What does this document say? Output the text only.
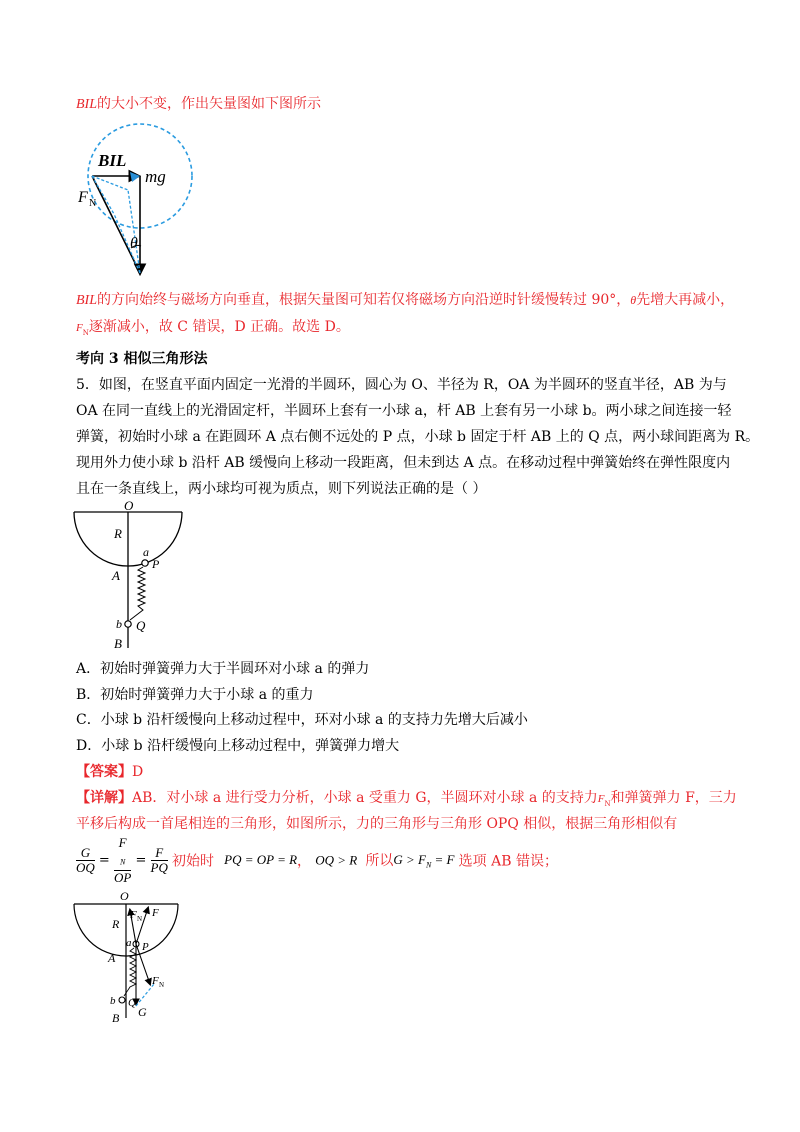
BIL的大小不变，作出矢量图如下图所示
BIL
mg
F N
θ
BIL的方向始终与磁场方向垂直，根据矢量图可知若仅将磁场方向沿逆时针缓慢转过 90°，θ先增大再减小，
$F_N$逐渐减小，故 C 错误，D 正确。故选 D。
考向 3 相似三角形法
5．如图，在竖直平面内固定一光滑的半圆环，圆心为 O、半径为 R，OA 为半圆环的竖直半径，AB 为与
OA 在同一直线上的光滑固定杆，半圆环上套有一小球 a，杆 AB 上套有另一小球 b。两小球之间连接一轻
弹簧，初始时小球 a 在距圆环 A 点右侧不远处的 P 点，小球 b 固定于杆 AB 上的 Q 点，两小球间距离为 R。
现用外力使小球 b 沿杆 AB 缓慢向上移动一段距离，但未到达 A 点。在移动过程中弹簧始终在弹性限度内
且在一条直线上，两小球均可视为质点，则下列说法正确的是（ ）
O
R
a
P
A
b Q
B
A．初始时弹簧弹力大于半圆环对小球 a 的弹力
B．初始时弹簧弹力大于小球 a 的重力
C．小球 b 沿杆缓慢向上移动过程中，环对小球 a 的支持力先增大后减小
D．小球 b 沿杆缓慢向上移动过程中，弹簧弹力增大
【答案】D
【详解】AB．对小球 a 进行受力分析，小球 a 受重力 G，半圆环对小球 a 的支持力$F_N$和弹簧弹力 F，三力
平移后构成一首尾相连的三角形，如图所示，力的三角形与三角形 OPQ 相似，根据三角形相似有
$\frac{G}{OQ} = F$
$_N$
OP = $\frac{F}{PQ}$ 初始时 PQ = OP = R， OQ > R 所以$G > F_N = F$ 选项 AB 错误；
O
R
F N F
a P
A
b Q
B G
F N
